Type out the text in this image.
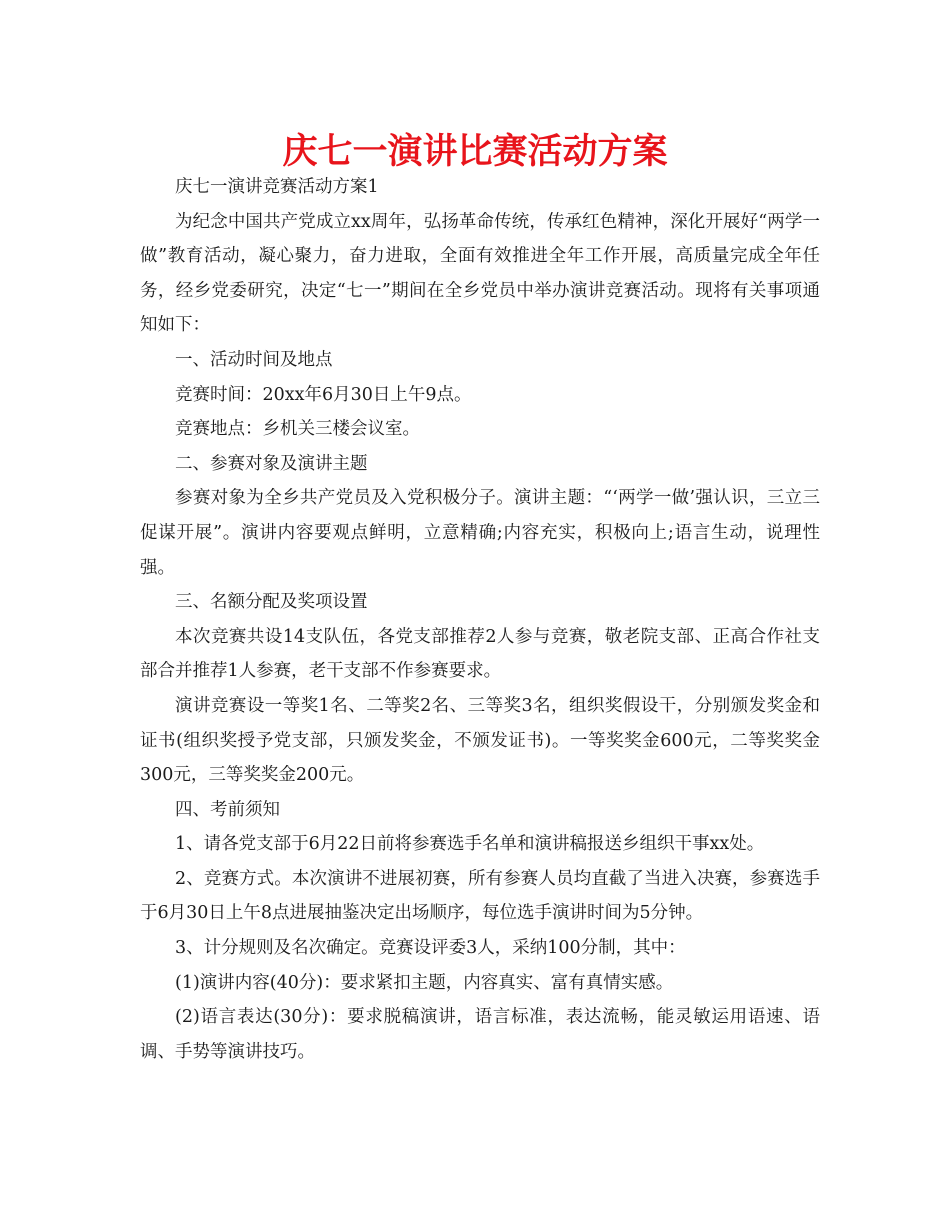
庆七一演讲比赛活动方案

庆七一演讲竞赛活动方案1

为纪念中国共产党成立xx周年，弘扬革命传统，传承红色精神，深化开展好“两学一做”教育活动，凝心聚力，奋力进取，全面有效推进全年工作开展，高质量完成全年任务，经乡党委研究，决定“七一”期间在全乡党员中举办演讲竞赛活动。现将有关事项通知如下：

一、活动时间及地点

竞赛时间：20xx年6月30日上午9点。

竞赛地点：乡机关三楼会议室。

二、参赛对象及演讲主题

参赛对象为全乡共产党员及入党积极分子。演讲主题：“‘两学一做’强认识，三立三促谋开展”。演讲内容要观点鲜明，立意精确;内容充实，积极向上;语言生动，说理性强。

三、名额分配及奖项设置

本次竞赛共设14支队伍，各党支部推荐2人参与竞赛，敬老院支部、正高合作社支部合并推荐1人参赛，老干支部不作参赛要求。

演讲竞赛设一等奖1名、二等奖2名、三等奖3名，组织奖假设干，分别颁发奖金和证书(组织奖授予党支部，只颁发奖金，不颁发证书)。一等奖奖金600元，二等奖奖金300元，三等奖奖金200元。

四、考前须知

1、请各党支部于6月22日前将参赛选手名单和演讲稿报送乡组织干事xx处。

2、竞赛方式。本次演讲不进展初赛，所有参赛人员均直截了当进入决赛，参赛选手于6月30日上午8点进展抽鉴决定出场顺序，每位选手演讲时间为5分钟。

3、计分规则及名次确定。竞赛设评委3人，采纳100分制，其中：

(1)演讲内容(40分)：要求紧扣主题，内容真实、富有真情实感。

(2)语言表达(30分)：要求脱稿演讲，语言标准，表达流畅，能灵敏运用语速、语调、手势等演讲技巧。
